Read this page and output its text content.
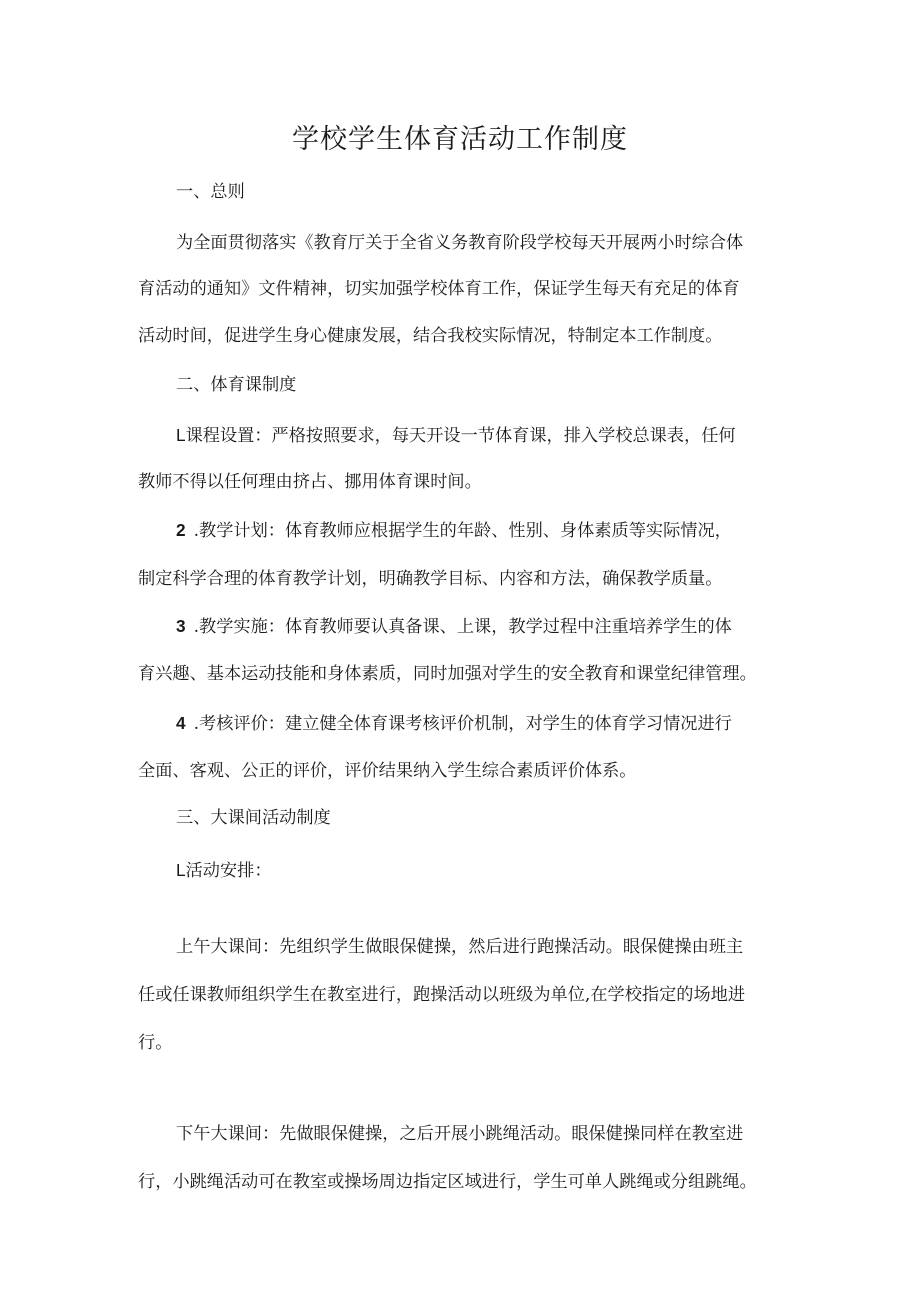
学校学生体育活动工作制度

一、总则

为全面贯彻落实《教育厅关于全省义务教育阶段学校每天开展两小时综合体

育活动的通知》文件精神，切实加强学校体育工作，保证学生每天有充足的体育

活动时间，促进学生身心健康发展，结合我校实际情况，特制定本工作制度。

二、体育课制度

L课程设置：严格按照要求，每天开设一节体育课，排入学校总课表，任何

教师不得以任何理由挤占、挪用体育课时间。

2 .教学计划：体育教师应根据学生的年龄、性别、身体素质等实际情况，

制定科学合理的体育教学计划，明确教学目标、内容和方法，确保教学质量。

3 .教学实施：体育教师要认真备课、上课，教学过程中注重培养学生的体

育兴趣、基本运动技能和身体素质，同时加强对学生的安全教育和课堂纪律管理。

4 .考核评价：建立健全体育课考核评价机制，对学生的体育学习情况进行

全面、客观、公正的评价，评价结果纳入学生综合素质评价体系。

三、大课间活动制度

L活动安排：

上午大课间：先组织学生做眼保健操，然后进行跑操活动。眼保健操由班主

任或任课教师组织学生在教室进行，跑操活动以班级为单位,在学校指定的场地进

行。

下午大课间：先做眼保健操，之后开展小跳绳活动。眼保健操同样在教室进

行，小跳绳活动可在教室或操场周边指定区域进行，学生可单人跳绳或分组跳绳。
